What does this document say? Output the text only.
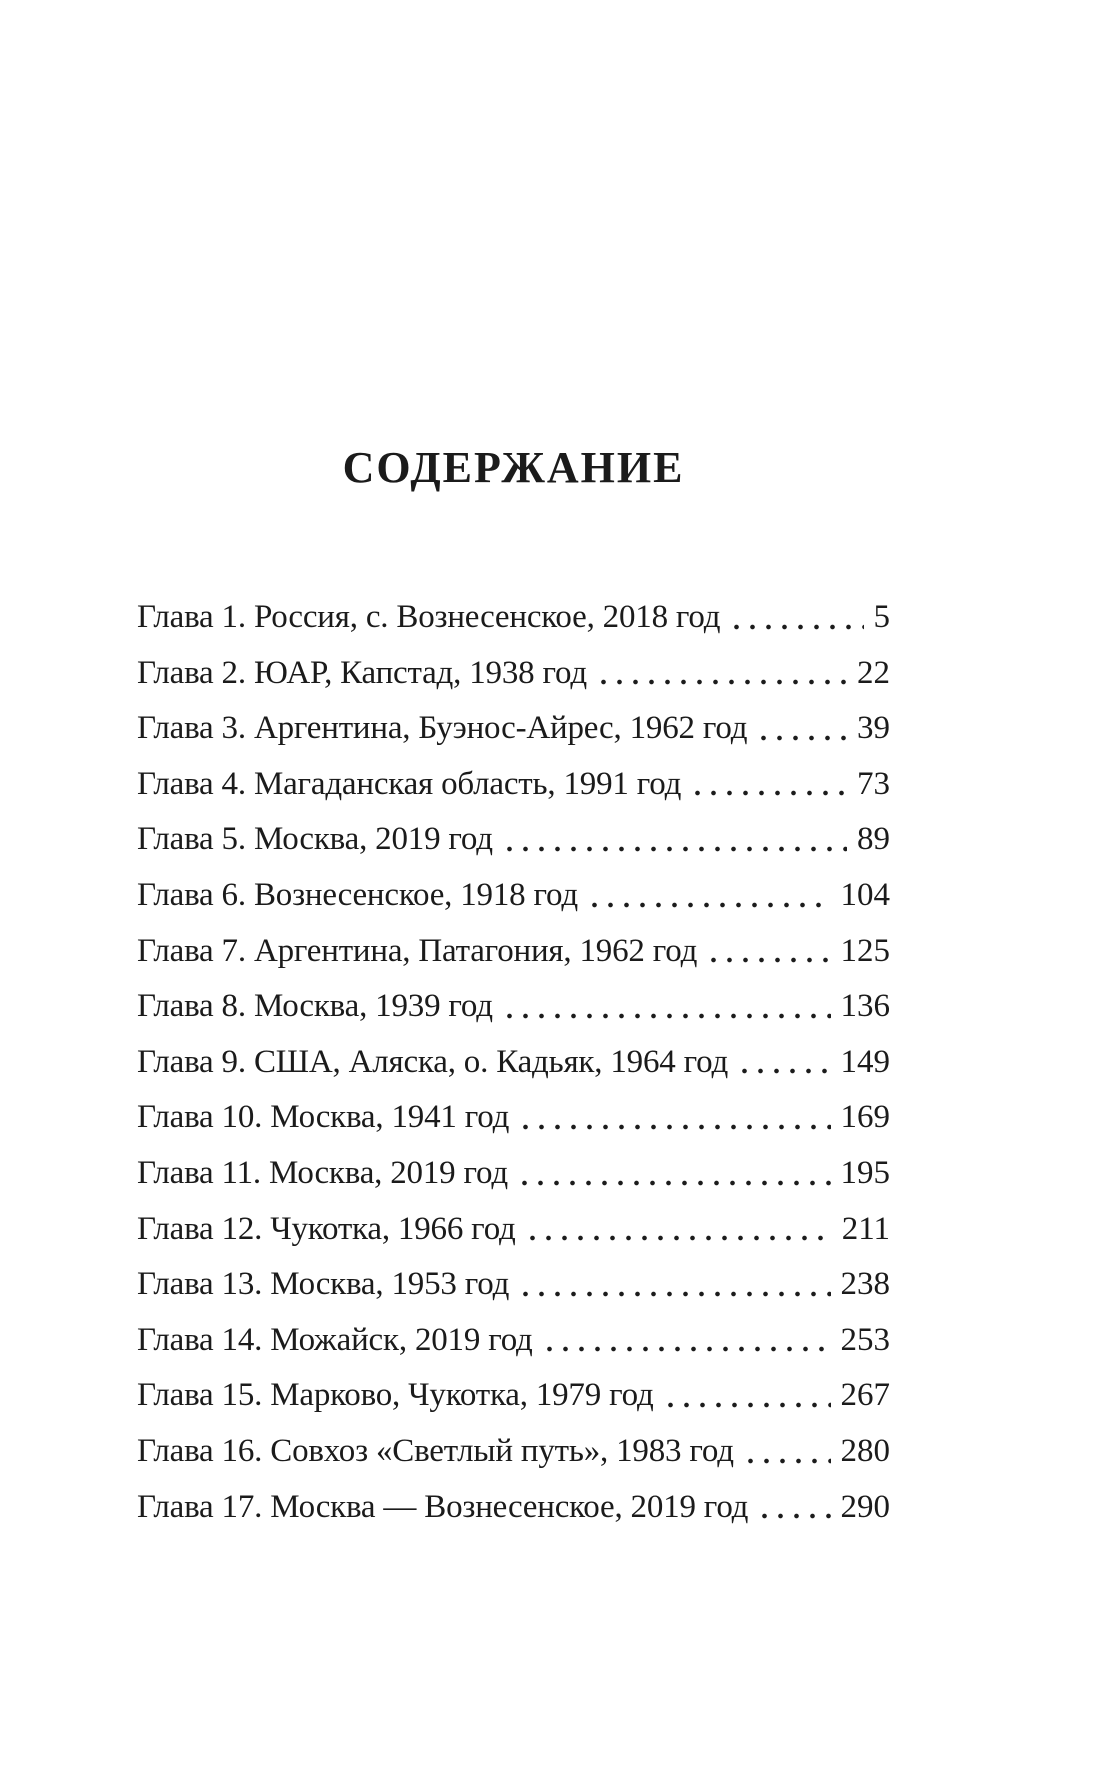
СОДЕРЖАНИЕ
Глава 1. Россия, с. Вознесенское, 2018 год	5
Глава 2. ЮАР, Капстад, 1938 год	22
Глава 3. Аргентина, Буэнос-Айрес, 1962 год	39
Глава 4. Магаданская область, 1991 год	73
Глава 5. Москва, 2019 год	89
Глава 6. Вознесенское, 1918 год	104
Глава 7. Аргентина, Патагония, 1962 год	125
Глава 8. Москва, 1939 год	136
Глава 9. США, Аляска, о. Кадьяк, 1964 год	149
Глава 10. Москва, 1941 год	169
Глава 11. Москва, 2019 год	195
Глава 12. Чукотка, 1966 год	211
Глава 13. Москва, 1953 год	238
Глава 14. Можайск, 2019 год	253
Глава 15. Марково, Чукотка, 1979 год	267
Глава 16. Совхоз «Светлый путь», 1983 год	280
Глава 17. Москва — Вознесенское, 2019 год	290
